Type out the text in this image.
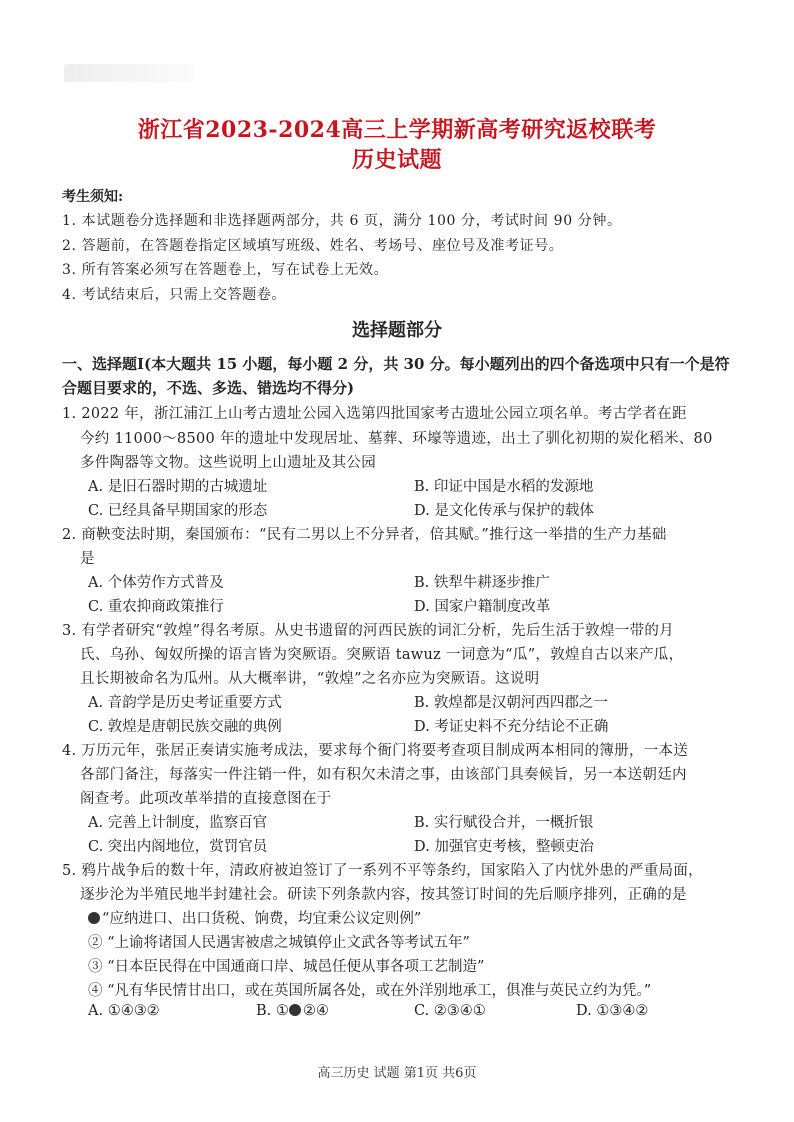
浙江省2023-2024高三上学期新高考研究返校联考
历史试题
考生须知:
1. 本试题卷分选择题和非选择题两部分，共 6 页，满分 100 分，考试时间 90 分钟。
2. 答题前，在答题卷指定区域填写班级、姓名、考场号、座位号及准考证号。
3. 所有答案必须写在答题卷上，写在试卷上无效。
4. 考试结束后，只需上交答题卷。
选择题部分
一、选择题Ⅰ(本大题共 15 小题，每小题 2 分，共 30 分。每小题列出的四个备选项中只有一个是符合题目要求的，不选、多选、错选均不得分)
1. 2022 年，浙江浦江上山考古遗址公园入选第四批国家考古遗址公园立项名单。考古学者在距
今约 11000～8500 年的遗址中发现居址、墓葬、环壕等遗迹，出土了驯化初期的炭化稻米、80
多件陶器等文物。这些说明上山遗址及其公园
A. 是旧石器时期的古城遗址	B. 印证中国是水稻的发源地
C. 已经具备早期国家的形态	D. 是文化传承与保护的载体
2. 商鞅变法时期，秦国颁布：“民有二男以上不分异者，倍其赋。”推行这一举措的生产力基础
是
A. 个体劳作方式普及	B. 铁犁牛耕逐步推广
C. 重农抑商政策推行	D. 国家户籍制度改革
3. 有学者研究“敦煌”得名考原。从史书遗留的河西民族的词汇分析，先后生活于敦煌一带的月
氏、乌孙、匈奴所操的语言皆为突厥语。突厥语 tawuz 一词意为“瓜”，敦煌自古以来产瓜，
且长期被命名为瓜州。从大概率讲，“敦煌”之名亦应为突厥语。这说明
A. 音韵学是历史考证重要方式	B. 敦煌都是汉朝河西四郡之一
C. 敦煌是唐朝民族交融的典例	D. 考证史料不充分结论不正确
4. 万历元年，张居正奏请实施考成法，要求每个衙门将要考查项目制成两本相同的簿册，一本送
各部门备注，每落实一件注销一件，如有积欠未清之事，由该部门具奏候旨，另一本送朝廷内
阁查考。此项改革举措的直接意图在于
A. 完善上计制度，监察百官	B. 实行赋役合并，一概折银
C. 突出内阁地位，赏罚官员	D. 加强官吏考核，整顿吏治
5. 鸦片战争后的数十年，清政府被迫签订了一系列不平等条约，国家陷入了内忧外患的严重局面，
逐步沦为半殖民地半封建社会。研读下列条款内容，按其签订时间的先后顺序排列，正确的是
“应纳进口、出口货税、饷费，均宜秉公议定则例”
② “上谕将诸国人民遇害被虐之城镇停止文武各等考试五年”
③ “日本臣民得在中国通商口岸、城邑任便从事各项工艺制造”
④ “凡有华民情甘出口，或在英国所属各处，或在外洋别地承工，俱准与英民立约为凭。”
A. ①④③②	B. ① ②④	C. ②③④①	D. ①③④②
高三历史 试题 第1页 共6页
